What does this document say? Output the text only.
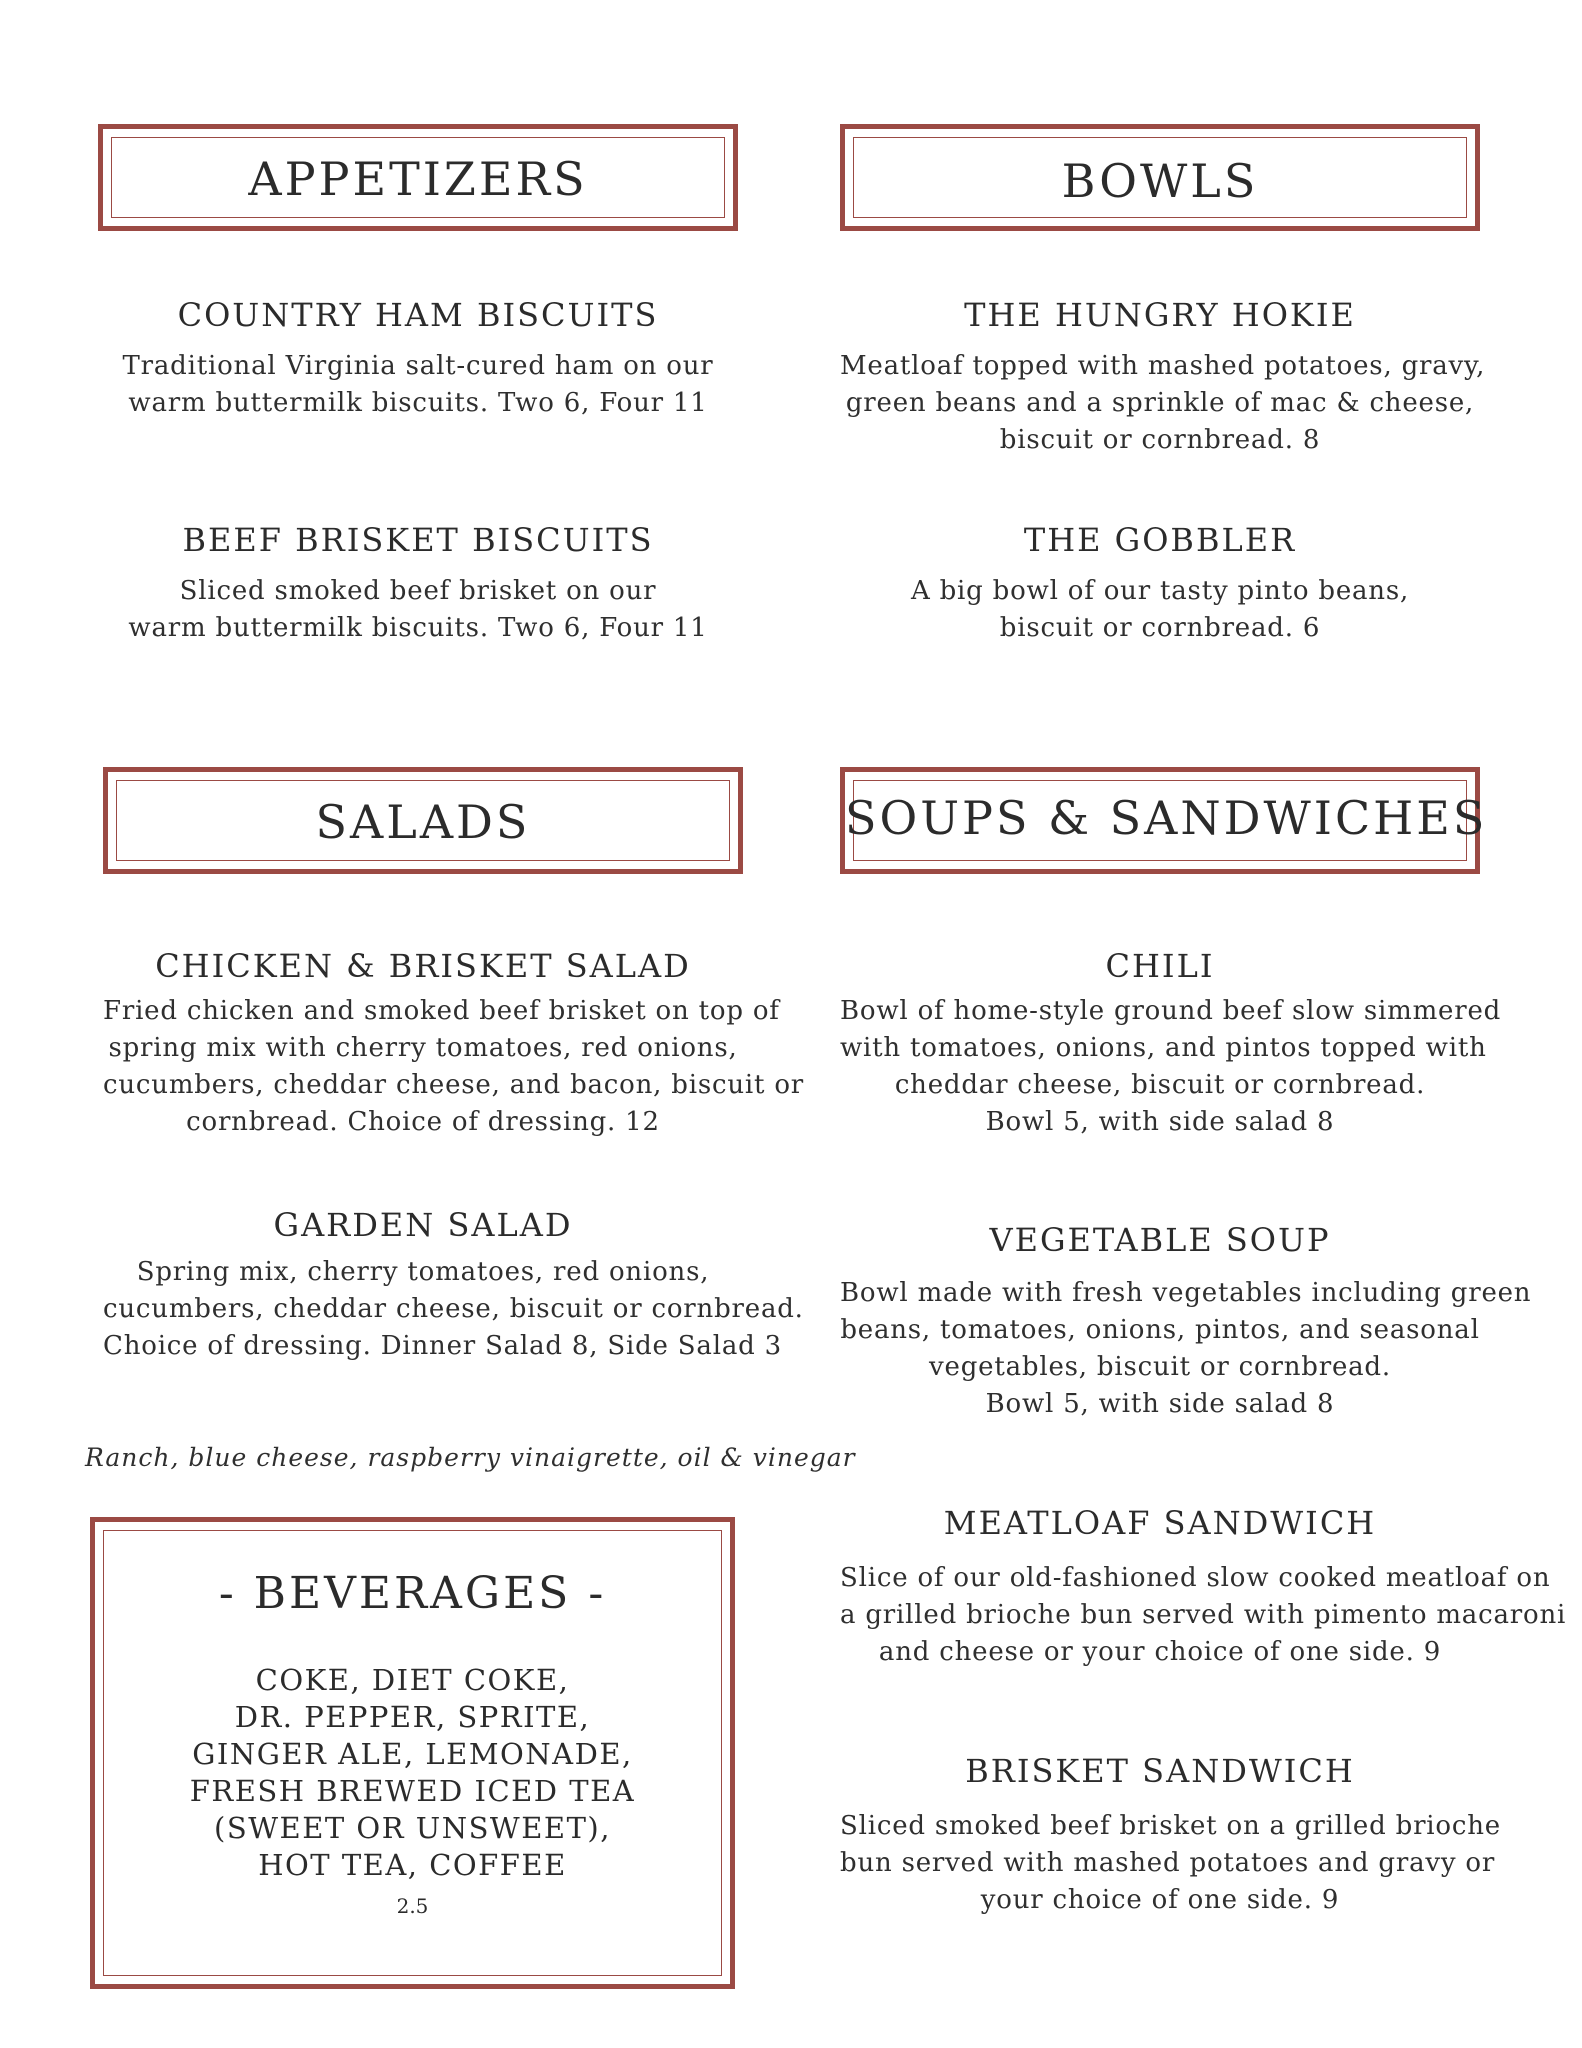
APPETIZERS
COUNTRY HAM BISCUITS
Traditional Virginia salt-cured ham on our
warm buttermilk biscuits. Two 6, Four 11
BEEF BRISKET BISCUITS
Sliced smoked beef brisket on our
warm buttermilk biscuits. Two 6, Four 11
BOWLS
THE HUNGRY HOKIE
Meatloaf topped with mashed potatoes, gravy,
green beans and a sprinkle of mac & cheese,
biscuit or cornbread. 8
THE GOBBLER
A big bowl of our tasty pinto beans,
biscuit or cornbread. 6
SALADS
CHICKEN & BRISKET SALAD
Fried chicken and smoked beef brisket on top of
spring mix with cherry tomatoes, red onions,
cucumbers, cheddar cheese, and bacon, biscuit or
cornbread. Choice of dressing. 12
GARDEN SALAD
Spring mix, cherry tomatoes, red onions,
cucumbers, cheddar cheese, biscuit or cornbread.
Choice of dressing. Dinner Salad 8, Side Salad 3
Ranch, blue cheese, raspberry vinaigrette, oil & vinegar
- BEVERAGES -
COKE, DIET COKE,
DR. PEPPER, SPRITE,
GINGER ALE, LEMONADE,
FRESH BREWED ICED TEA
(SWEET OR UNSWEET),
HOT TEA, COFFEE
2.5
SOUPS & SANDWICHES
CHILI
Bowl of home-style ground beef slow simmered
with tomatoes, onions, and pintos topped with
cheddar cheese, biscuit or cornbread.
Bowl 5, with side salad 8
VEGETABLE SOUP
Bowl made with fresh vegetables including green
beans, tomatoes, onions, pintos, and seasonal
vegetables, biscuit or cornbread.
Bowl 5, with side salad 8
MEATLOAF SANDWICH
Slice of our old-fashioned slow cooked meatloaf on
a grilled brioche bun served with pimento macaroni
and cheese or your choice of one side. 9
BRISKET SANDWICH
Sliced smoked beef brisket on a grilled brioche
bun served with mashed potatoes and gravy or
your choice of one side. 9
